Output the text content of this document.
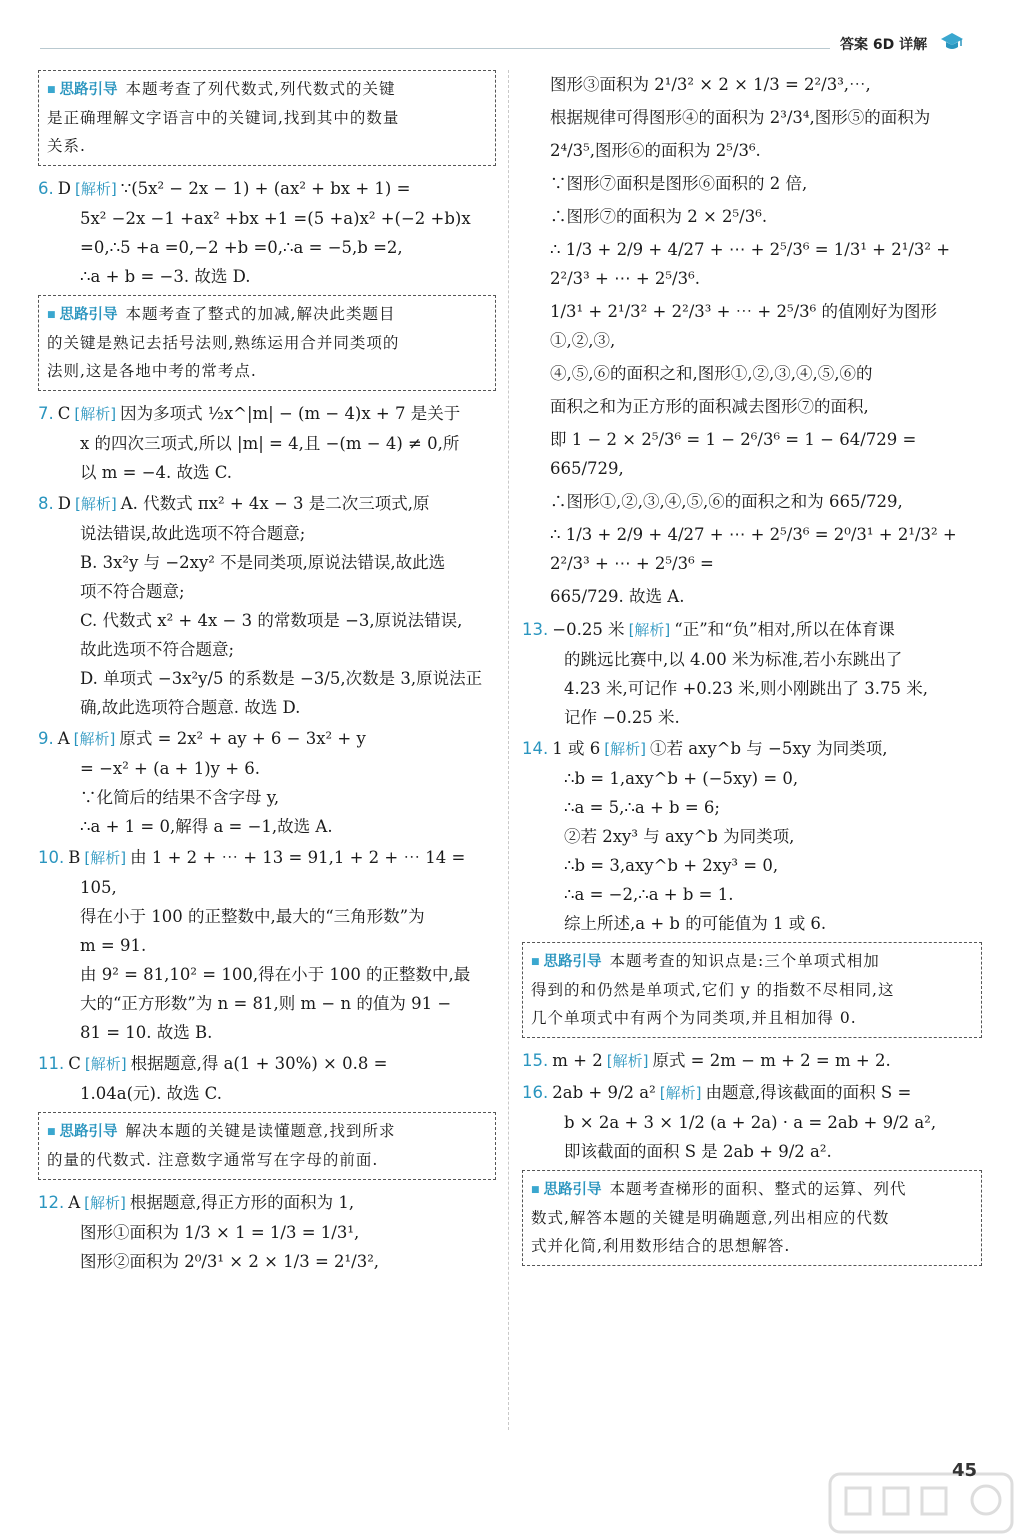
答案 6D 详解
■ 思路引导 本题考查了列代数式,列代数式的关键
是正确理解文字语言中的关键词,找到其中的数量
关系.
6. D [解析] ∵(5x² − 2x − 1) + (ax² + bx + 1) =
5x² −2x −1 +ax² +bx +1 =(5 +a)x² +(−2 +b)x
=0,∴5 +a =0,−2 +b =0,∴a = −5,b =2,
∴a + b = −3. 故选 D.
■ 思路引导 本题考查了整式的加减,解决此类题目
的关键是熟记去括号法则,熟练运用合并同类项的
法则,这是各地中考的常考点.
7. C [解析] 因为多项式 ½x^|m| − (m − 4)x + 7 是关于
x 的四次三项式,所以 |m| = 4,且 −(m − 4) ≠ 0,所
以 m = −4. 故选 C.
8. D [解析] A. 代数式 πx² + 4x − 3 是二次三项式,原
说法错误,故此选项不符合题意;
B. 3x²y 与 −2xy² 不是同类项,原说法错误,故此选
项不符合题意;
C. 代数式 x² + 4x − 3 的常数项是 −3,原说法错误,
故此选项不符合题意;
D. 单项式 −3x²y/5 的系数是 −3/5,次数是 3,原说法正
确,故此选项符合题意. 故选 D.
9. A [解析] 原式 = 2x² + ay + 6 − 3x² + y
= −x² + (a + 1)y + 6.
∵化简后的结果不含字母 y,
∴a + 1 = 0,解得 a = −1,故选 A.
10. B [解析] 由 1 + 2 + ⋯ + 13 = 91,1 + 2 + ⋯ 14 =
105,
得在小于 100 的正整数中,最大的“三角形数”为
m = 91.
由 9² = 81,10² = 100,得在小于 100 的正整数中,最
大的“正方形数”为 n = 81,则 m − n 的值为 91 −
81 = 10. 故选 B.
11. C [解析] 根据题意,得 a(1 + 30%) × 0.8 =
1.04a(元). 故选 C.
■ 思路引导 解决本题的关键是读懂题意,找到所求
的量的代数式. 注意数字通常写在字母的前面.
12. A [解析] 根据题意,得正方形的面积为 1,
图形①面积为 1/3 × 1 = 1/3 = 1/3¹,
图形②面积为 2⁰/3¹ × 2 × 1/3 = 2¹/3²,
图形③面积为 2¹/3² × 2 × 1/3 = 2²/3³,⋯,
根据规律可得图形④的面积为 2³/3⁴,图形⑤的面积为
2⁴/3⁵,图形⑥的面积为 2⁵/3⁶.
∵图形⑦面积是图形⑥面积的 2 倍,
∴图形⑦的面积为 2 × 2⁵/3⁶.
∴ 1/3 + 2/9 + 4/27 + ⋯ + 2⁵/3⁶ = 1/3¹ + 2¹/3² + 2²/3³ + ⋯ + 2⁵/3⁶.
1/3¹ + 2¹/3² + 2²/3³ + ⋯ + 2⁵/3⁶ 的值刚好为图形①,②,③,
④,⑤,⑥的面积之和,图形①,②,③,④,⑤,⑥的
面积之和为正方形的面积减去图形⑦的面积,
即 1 − 2 × 2⁵/3⁶ = 1 − 2⁶/3⁶ = 1 − 64/729 = 665/729,
∴图形①,②,③,④,⑤,⑥的面积之和为 665/729,
∴ 1/3 + 2/9 + 4/27 + ⋯ + 2⁵/3⁶ = 2⁰/3¹ + 2¹/3² + 2²/3³ + ⋯ + 2⁵/3⁶ =
665/729. 故选 A.
13. −0.25 米 [解析] “正”和“负”相对,所以在体育课
的跳远比赛中,以 4.00 米为标准,若小东跳出了
4.23 米,可记作 +0.23 米,则小刚跳出了 3.75 米,
记作 −0.25 米.
14. 1 或 6 [解析] ①若 axy^b 与 −5xy 为同类项,
∴b = 1,axy^b + (−5xy) = 0,
∴a = 5,∴a + b = 6;
②若 2xy³ 与 axy^b 为同类项,
∴b = 3,axy^b + 2xy³ = 0,
∴a = −2,∴a + b = 1.
综上所述,a + b 的可能值为 1 或 6.
■ 思路引导 本题考查的知识点是:三个单项式相加
得到的和仍然是单项式,它们 y 的指数不尽相同,这
几个单项式中有两个为同类项,并且相加得 0.
15. m + 2 [解析] 原式 = 2m − m + 2 = m + 2.
16. 2ab + 9/2 a² [解析] 由题意,得该截面的面积 S =
b × 2a + 3 × 1/2 (a + 2a) · a = 2ab + 9/2 a²,
即该截面的面积 S 是 2ab + 9/2 a².
■ 思路引导 本题考查梯形的面积、整式的运算、列代
数式,解答本题的关键是明确题意,列出相应的代数
式并化简,利用数形结合的思想解答.
45
